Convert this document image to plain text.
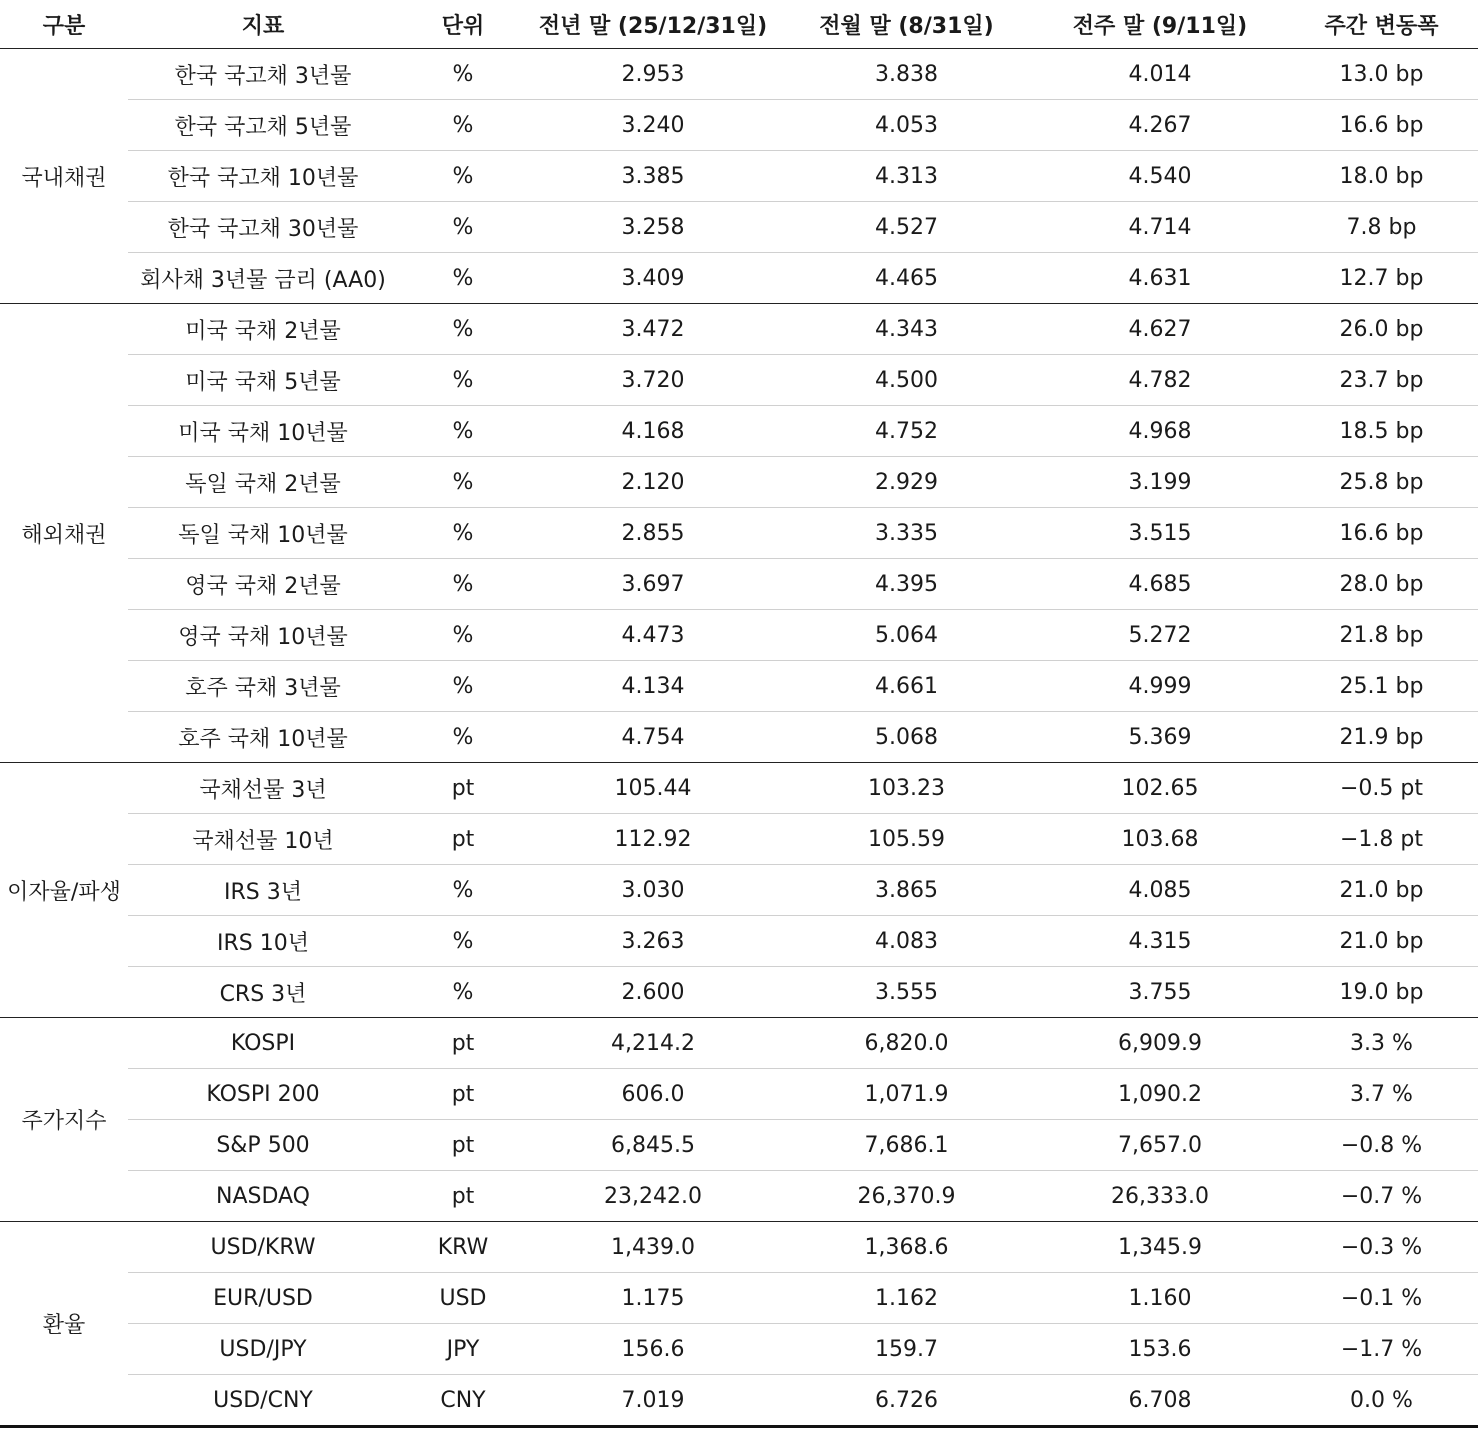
구분	지표	단위	전년 말 (25/12/31일)	전월 말 (8/31일)	전주 말 (9/11일)	주간 변동폭
국내채권	한국 국고채 3년물	%	2.953	3.838	4.014	13.0 bp
	한국 국고채 5년물	%	3.240	4.053	4.267	16.6 bp
	한국 국고채 10년물	%	3.385	4.313	4.540	18.0 bp
	한국 국고채 30년물	%	3.258	4.527	4.714	7.8 bp
	회사채 3년물 금리 (AA0)	%	3.409	4.465	4.631	12.7 bp
해외채권	미국 국채 2년물	%	3.472	4.343	4.627	26.0 bp
	미국 국채 5년물	%	3.720	4.500	4.782	23.7 bp
	미국 국채 10년물	%	4.168	4.752	4.968	18.5 bp
	독일 국채 2년물	%	2.120	2.929	3.199	25.8 bp
	독일 국채 10년물	%	2.855	3.335	3.515	16.6 bp
	영국 국채 2년물	%	3.697	4.395	4.685	28.0 bp
	영국 국채 10년물	%	4.473	5.064	5.272	21.8 bp
	호주 국채 3년물	%	4.134	4.661	4.999	25.1 bp
	호주 국채 10년물	%	4.754	5.068	5.369	21.9 bp
이자율/파생	국채선물 3년	pt	105.44	103.23	102.65	−0.5 pt
	국채선물 10년	pt	112.92	105.59	103.68	−1.8 pt
	IRS 3년	%	3.030	3.865	4.085	21.0 bp
	IRS 10년	%	3.263	4.083	4.315	21.0 bp
	CRS 3년	%	2.600	3.555	3.755	19.0 bp
주가지수	KOSPI	pt	4,214.2	6,820.0	6,909.9	3.3 %
	KOSPI 200	pt	606.0	1,071.9	1,090.2	3.7 %
	S&P 500	pt	6,845.5	7,686.1	7,657.0	−0.8 %
	NASDAQ	pt	23,242.0	26,370.9	26,333.0	−0.7 %
환율	USD/KRW	KRW	1,439.0	1,368.6	1,345.9	−0.3 %
	EUR/USD	USD	1.175	1.162	1.160	−0.1 %
	USD/JPY	JPY	156.6	159.7	153.6	−1.7 %
	USD/CNY	CNY	7.019	6.726	6.708	0.0 %
